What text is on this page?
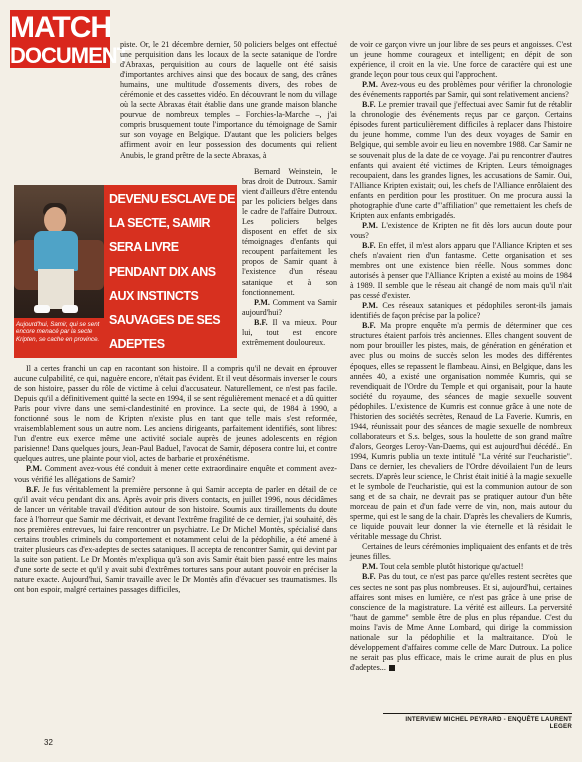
MATCH
DOCUMENT

piste. Or, le 21 décembre dernier, 50 policiers belges ont effectué une perquisition dans les locaux de la secte satanique de l'ordre d'Abraxas, perquisition au cours de laquelle ont été saisis d'importantes archives ainsi que des bocaux de sang, des crânes humains, une multitude d'ossements divers, des robes de cérémonie et des cassettes vidéo. En découvrant le nom du village où la secte Abraxas était établie dans une grande maison blanche pourvue de nombreux temples – Forchies-la-Marche –, j'ai compris brusquement toute l'importance du témoignage de Samir sur son voyage en Belgique. D'autant que les policiers belges affirment avoir en leur possession des documents qui relient Anubis, le grand prêtre de la secte Abraxas, à

Aujourd'hui, Samir, qui se sent encore menacé par la secte Kripten, se cache en province.
DEVENU ESCLAVE DE LA SECTE, SAMIR SERA LIVRE PENDANT DIX ANS AUX INSTINCTS SAUVAGES DE SES ADEPTES

Bernard Weinstein, le bras droit de Dutroux. Samir vient d'ailleurs d'être entendu par les policiers belges dans le cadre de l'affaire Dutroux. Les policiers belges disposent en effet de six témoignages d'enfants qui recoupent parfaitement les propos de Samir quant à l'existence d'un réseau satanique et à son fonctionnement.

P.M. Comment va Samir aujourd'hui?

B.F. Il va mieux. Pour lui, tout est encore extrêmement douloureux.

Il a certes franchi un cap en racontant son histoire. Il a compris qu'il ne devait en éprouver aucune culpabilité, ce qui, naguère encore, n'était pas évident. Et il veut désormais inverser le cours de son histoire, passer du rôle de victime à celui d'accusateur. Naturellement, ce n'est pas facile. Depuis qu'il a définitivement quitté la secte en 1994, il se sent régulièrement menacé et a dû quitter Paris pour vivre dans une semi-clandestinité en province. La secte qui, de 1984 à 1990, a fonctionné sous le nom de Kripten n'existe plus en tant que telle mais s'est reformée, vraisemblablement sous un autre nom. Les anciens dirigeants, parfaitement identifiés, sont libres: l'un d'entre eux exerce même une activité sociale auprès de jeunes adolescents en région parisienne! Dans quelques jours, Jean-Paul Baduel, l'avocat de Samir, déposera contre lui, et contre quelques autres, une plainte pour viol, actes de barbarie et proxénétisme.

P.M. Comment avez-vous été conduit à mener cette extraordinaire enquête et comment avez-vous vérifié les allégations de Samir?

B.F. Je fus véritablement la première personne à qui Samir accepta de parler en détail de ce qu'il avait vécu pendant dix ans. Après avoir pris divers contacts, en juillet 1996, nous décidâmes de lancer un véritable travail d'édition autour de son histoire. Soumis aux tiraillements du doute face à l'horreur que Samir me décrivait, et devant l'extrême fragilité de ce dernier, j'ai souhaité, dès nos premières entrevues, lui faire rencontrer un psychiatre. Le Dr Michel Montès, spécialisé dans certains troubles criminels du comportement et notamment celui de la pédophilie, a été amené à traiter plusieurs cas d'ex-adeptes de sectes sataniques. Il accepta de rencontrer Samir, qui devint par la suite son patient. Le Dr Montès m'expliqua qu'à son avis Samir était bien passé entre les mains d'une sorte de secte et qu'il y avait subi d'extrêmes tortures sans pour autant pouvoir en préciser la nature exacte. Aujourd'hui, Samir travaille avec le Dr Montès afin d'évacuer ses traumatismes. Ils ont bon espoir, malgré certaines passages difficiles,

de voir ce garçon vivre un jour libre de ses peurs et angoisses. C'est un jeune homme courageux et intelligent; en dépit de son expérience, il croit en la vie. Une force de caractère qui est une grande leçon pour tous ceux qui l'approchent.

P.M. Avez-vous eu des problèmes pour vérifier la chronologie des événements rapportés par Samir, qui sont relativement anciens?

B.F. Le premier travail que j'effectuai avec Samir fut de rétablir la chronologie des événements reçus par ce garçon. Certains épisodes furent particulièrement difficiles à replacer dans l'histoire du jeune homme, comme l'un des deux voyages de Samir en Belgique, qui semble avoir eu lieu en novembre 1988. Car Samir ne se souvenait plus de la date de ce voyage. J'ai pu rencontrer d'autres enfants qui avaient été victimes de Kripten. Leurs témoignages recoupaient, dans les grandes lignes, les accusations de Samir. Oui, l'Alliance Kripten existait; oui, les chefs de l'Alliance enrôlaient des enfants en perdition pour les prostituer. On me procura aussi la photographie d'une carte d'"affiliation" que remettaient les chefs de Kripten aux enfants embrigadés.

P.M. L'existence de Kripten ne fit dès lors aucun doute pour vous?

B.F. En effet, il m'est alors apparu que l'Alliance Kripten et ses chefs n'avaient rien d'un fantasme. Cette organisation et ses membres ont une existence bien réelle. Nous sommes donc autorisés à penser que l'Alliance Kripten a existé au moins de 1984 à 1989. Il semble que le réseau ait changé de nom mais qu'il n'ait pas cessé d'exister.

P.M. Ces réseaux sataniques et pédophiles seront-ils jamais identifiés de façon précise par la police?

B.F. Ma propre enquête m'a permis de déterminer que ces structures étaient parfois très anciennes. Elles changent souvent de nom pour brouiller les pistes, mais, de génération en génération et avec plus ou moins de succès selon les modes des différentes époques, elles se repassent le flambeau. Ainsi, en Belgique, dans les années 40, a existé une organisation nommée Kumris, qui se revendiquait de l'Ordre du Temple et qui organisait, pour la haute société du royaume, des séances de magie sexuelle souvent pédophiles. L'existence de Kumris est connue grâce à une note de l'historien des sociétés secrètes, Renaud de La Faverie. Kumris, en 1944, réunissait pour des séances de magie sexuelle de nombreux collaborateurs et S.s. belges, sous la houlette de son grand maître d'alors, Georges Leroy-Van-Daems, qui est aujourd'hui décédé.. En 1994, Kumris publia un texte intitulé "La vérité sur l'eucharistie". Dans ce dernier, les chevaliers de l'Ordre dévoilaient l'un de leurs secrets. D'après leur science, le Christ était initié à la magie sexuelle et le symbole de l'eucharistie, qui est la communion autour de son sang et de sa chair, ne devrait pas se pratiquer autour d'un bête morceau de pain et d'un fade verre de vin, non, mais autour du sperme, qui est le sang de la chair. D'après les chevaliers de Kumris, ce liquide pouvait leur donner la vie éternelle et là résidait le véritable message du Christ.

Certaines de leurs cérémonies impliquaient des enfants et de très jeunes filles.

P.M. Tout cela semble plutôt historique qu'actuel!

B.F. Pas du tout, ce n'est pas parce qu'elles restent secrètes que ces sectes ne sont pas plus nombreuses. Et si, aujourd'hui, certaines affaires sont mises en lumière, ce n'est pas grâce à une prise de conscience de la magistrature. La vérité est ailleurs. La perversité "haut de gamme" semble être de plus en plus répandue. C'est du moins l'avis de Mme Anne Lombard, qui dirige la commission nationale sur la pédophilie et la maltraitance. D'où le développement d'affaires comme celle de Marc Dutroux. La police ne serait pas plus efficace, mais le crime aurait de plus en plus d'adeptes...

INTERVIEW MICHEL PEYRARD - ENQUÊTE LAURENT LEGER
32
